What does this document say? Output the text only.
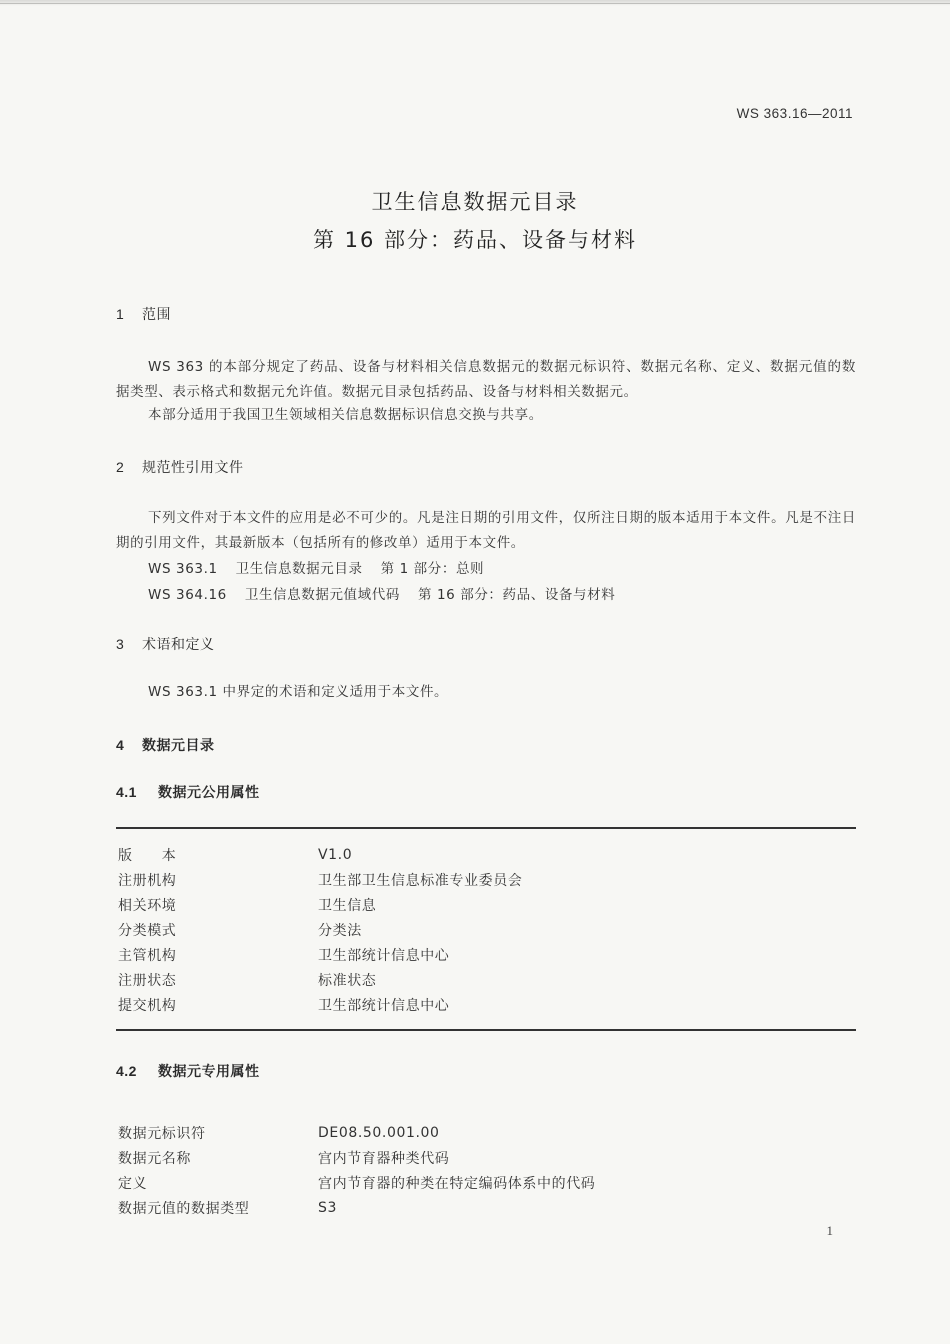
WS 363.16—2011
卫生信息数据元目录
第 16 部分：药品、设备与材料
1 范围
WS 363 的本部分规定了药品、设备与材料相关信息数据元的数据元标识符、数据元名称、定义、数据元值的数据类型、表示格式和数据元允许值。数据元目录包括药品、设备与材料相关数据元。
本部分适用于我国卫生领域相关信息数据标识信息交换与共享。
2 规范性引用文件
下列文件对于本文件的应用是必不可少的。凡是注日期的引用文件，仅所注日期的版本适用于本文件。凡是不注日期的引用文件，其最新版本（包括所有的修改单）适用于本文件。
WS 363.1 卫生信息数据元目录 第 1 部分：总则
WS 364.16 卫生信息数据元值域代码 第 16 部分：药品、设备与材料
3 术语和定义
WS 363.1 中界定的术语和定义适用于本文件。
4 数据元目录
4.1 数据元公用属性
版　　本	V1.0
注册机构	卫生部卫生信息标准专业委员会
相关环境	卫生信息
分类模式	分类法
主管机构	卫生部统计信息中心
注册状态	标准状态
提交机构	卫生部统计信息中心
4.2 数据元专用属性
数据元标识符	DE08.50.001.00
数据元名称	宫内节育器种类代码
定义	宫内节育器的种类在特定编码体系中的代码
数据元值的数据类型	S3
1
